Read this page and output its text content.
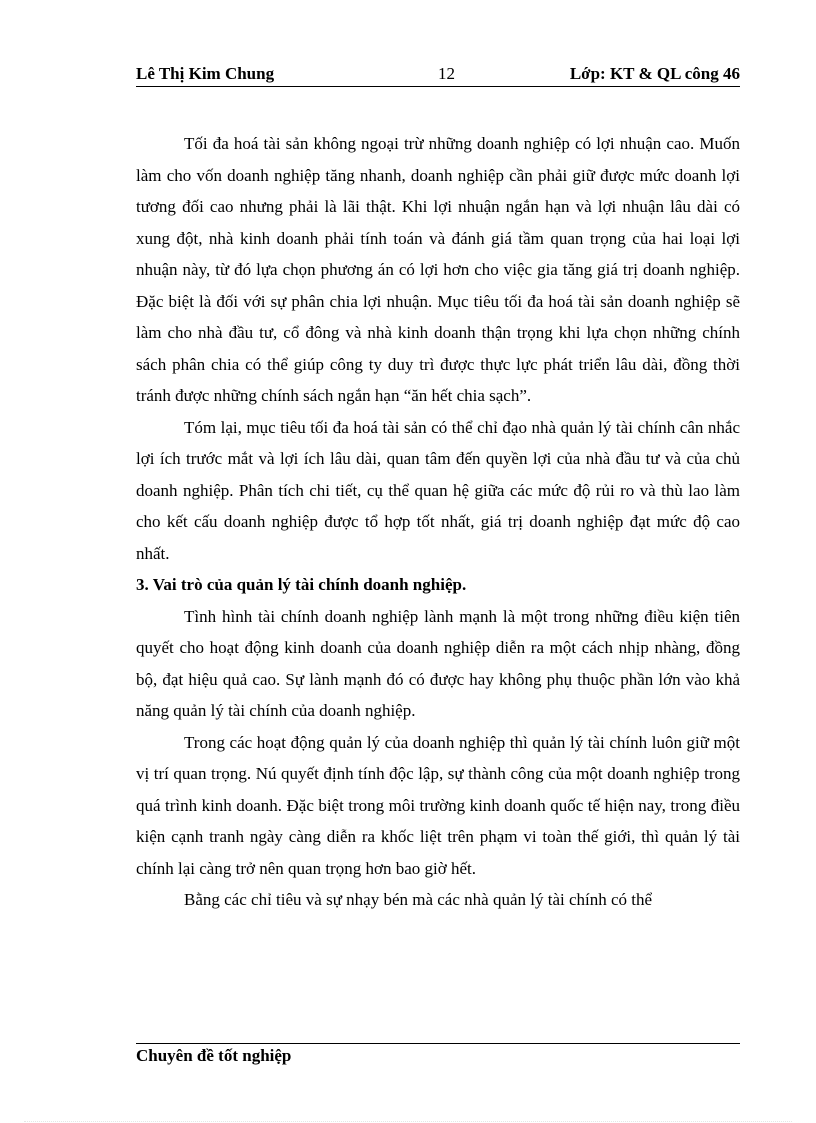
Lê Thị Kim Chung	12	Lớp: KT & QL công 46

Tối đa hoá tài sản không ngoại trừ những doanh nghiệp có lợi nhuận cao. Muốn làm cho vốn doanh nghiệp tăng nhanh, doanh nghiệp cần phải giữ được mức doanh lợi tương đối cao nhưng phải là lãi thật. Khi lợi nhuận ngắn hạn và lợi nhuận lâu dài có xung đột, nhà kinh doanh phải tính toán và đánh giá tầm quan trọng của hai loại lợi nhuận này, từ đó lựa chọn phương án có lợi hơn cho việc gia tăng giá trị doanh nghiệp. Đặc biệt là đối với sự phân chia lợi nhuận. Mục tiêu tối đa hoá tài sản doanh nghiệp sẽ làm cho nhà đầu tư, cổ đông và nhà kinh doanh thận trọng khi lựa chọn những chính sách phân chia có thể giúp công ty duy trì được thực lực phát triển lâu dài, đồng thời tránh được những chính sách ngắn hạn “ăn hết chia sạch”.

Tóm lại, mục tiêu tối đa hoá tài sản có thể chỉ đạo nhà quản lý tài chính cân nhắc lợi ích trước mắt và lợi ích lâu dài, quan tâm đến quyền lợi của nhà đầu tư và của chủ doanh nghiệp. Phân tích chi tiết, cụ thể quan hệ giữa các mức độ rủi ro và thù lao làm cho kết cấu doanh nghiệp được tổ hợp tốt nhất, giá trị doanh nghiệp đạt mức độ cao nhất.

3. Vai trò của quản lý tài chính doanh nghiệp.

Tình hình tài chính doanh nghiệp lành mạnh là một trong những điều kiện tiên quyết cho hoạt động kinh doanh của doanh nghiệp diễn ra một cách nhịp nhàng, đồng bộ, đạt hiệu quả cao. Sự lành mạnh đó có được hay không phụ thuộc phần lớn vào khả năng quản lý tài chính của doanh nghiệp.

Trong các hoạt động quản lý của doanh nghiệp thì quản lý tài chính luôn giữ một vị trí quan trọng. Nú quyết định tính độc lập, sự thành công của một doanh nghiệp trong quá trình kinh doanh. Đặc biệt trong môi trường kinh doanh quốc tế hiện nay, trong điều kiện cạnh tranh ngày càng diễn ra khốc liệt trên phạm vi toàn thế giới, thì quản lý tài chính lại càng trở nên quan trọng hơn bao giờ hết.

Bằng các chỉ tiêu và sự nhạy bén mà các nhà quản lý tài chính có thể

Chuyên đề tốt nghiệp
